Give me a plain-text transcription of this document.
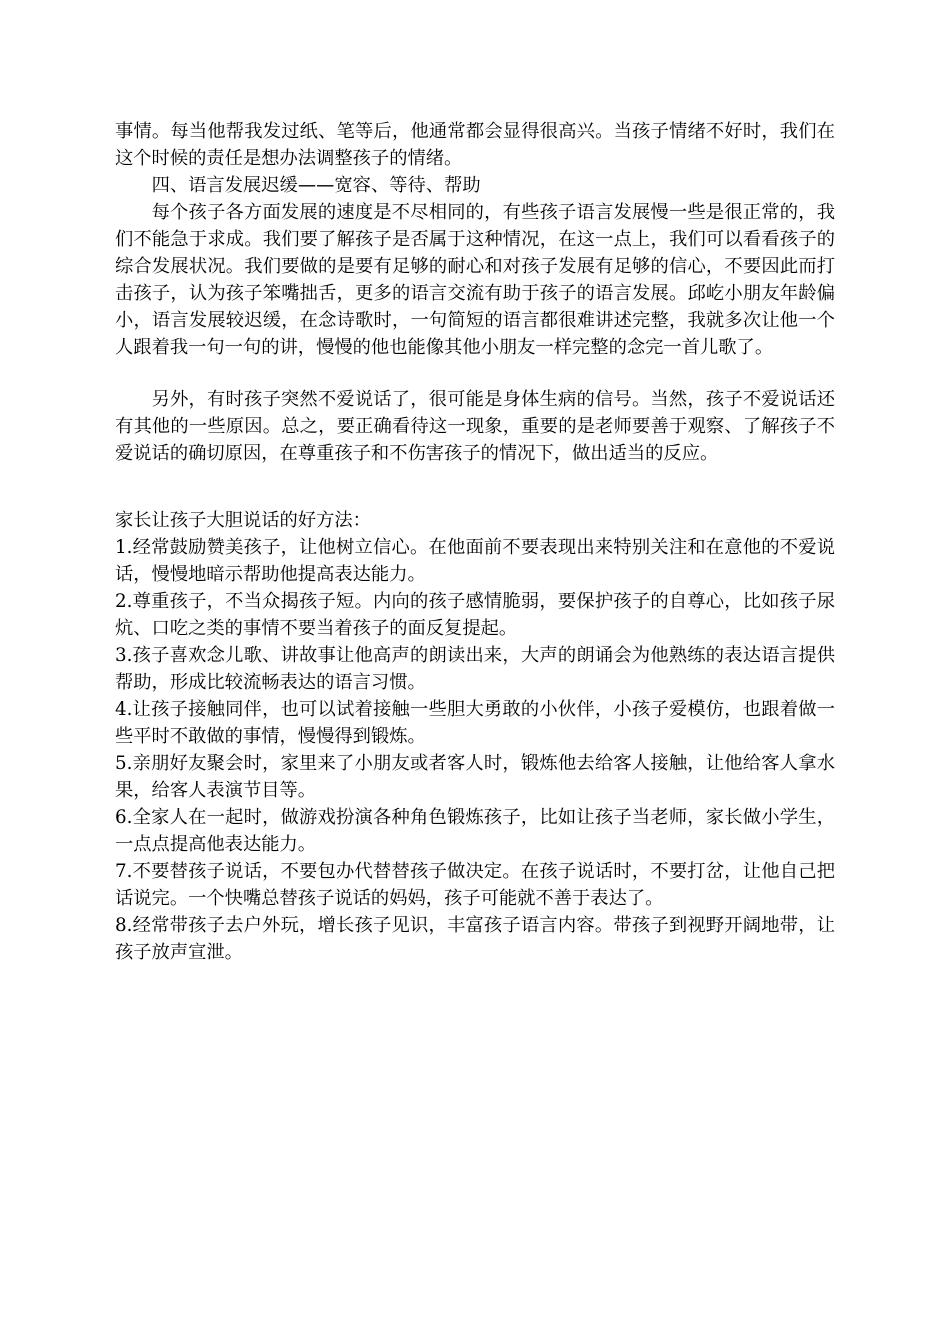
事情。每当他帮我发过纸、笔等后，他通常都会显得很高兴。当孩子情绪不好时，我们在这个时候的责任是想办法调整孩子的情绪。

四、语言发展迟缓——宽容、等待、帮助

每个孩子各方面发展的速度是不尽相同的，有些孩子语言发展慢一些是很正常的，我们不能急于求成。我们要了解孩子是否属于这种情况，在这一点上，我们可以看看孩子的综合发展状况。我们要做的是要有足够的耐心和对孩子发展有足够的信心，不要因此而打击孩子，认为孩子笨嘴拙舌，更多的语言交流有助于孩子的语言发展。邱屹小朋友年龄偏小，语言发展较迟缓，在念诗歌时，一句简短的语言都很难讲述完整，我就多次让他一个人跟着我一句一句的讲，慢慢的他也能像其他小朋友一样完整的念完一首儿歌了。

另外，有时孩子突然不爱说话了，很可能是身体生病的信号。当然，孩子不爱说话还有其他的一些原因。总之，要正确看待这一现象，重要的是老师要善于观察、了解孩子不爱说话的确切原因，在尊重孩子和不伤害孩子的情况下，做出适当的反应。

家长让孩子大胆说话的好方法：

1.经常鼓励赞美孩子，让他树立信心。在他面前不要表现出来特别关注和在意他的不爱说话，慢慢地暗示帮助他提高表达能力。

2.尊重孩子，不当众揭孩子短。内向的孩子感情脆弱，要保护孩子的自尊心，比如孩子尿炕、口吃之类的事情不要当着孩子的面反复提起。

3.孩子喜欢念儿歌、讲故事让他高声的朗读出来，大声的朗诵会为他熟练的表达语言提供帮助，形成比较流畅表达的语言习惯。

4.让孩子接触同伴，也可以试着接触一些胆大勇敢的小伙伴，小孩子爱模仿，也跟着做一些平时不敢做的事情，慢慢得到锻炼。

5.亲朋好友聚会时，家里来了小朋友或者客人时，锻炼他去给客人接触，让他给客人拿水果，给客人表演节目等。

6.全家人在一起时，做游戏扮演各种角色锻炼孩子，比如让孩子当老师，家长做小学生，一点点提高他表达能力。

7.不要替孩子说话，不要包办代替替孩子做决定。在孩子说话时，不要打岔，让他自己把话说完。一个快嘴总替孩子说话的妈妈，孩子可能就不善于表达了。

8.经常带孩子去户外玩，增长孩子见识，丰富孩子语言内容。带孩子到视野开阔地带，让孩子放声宣泄。
